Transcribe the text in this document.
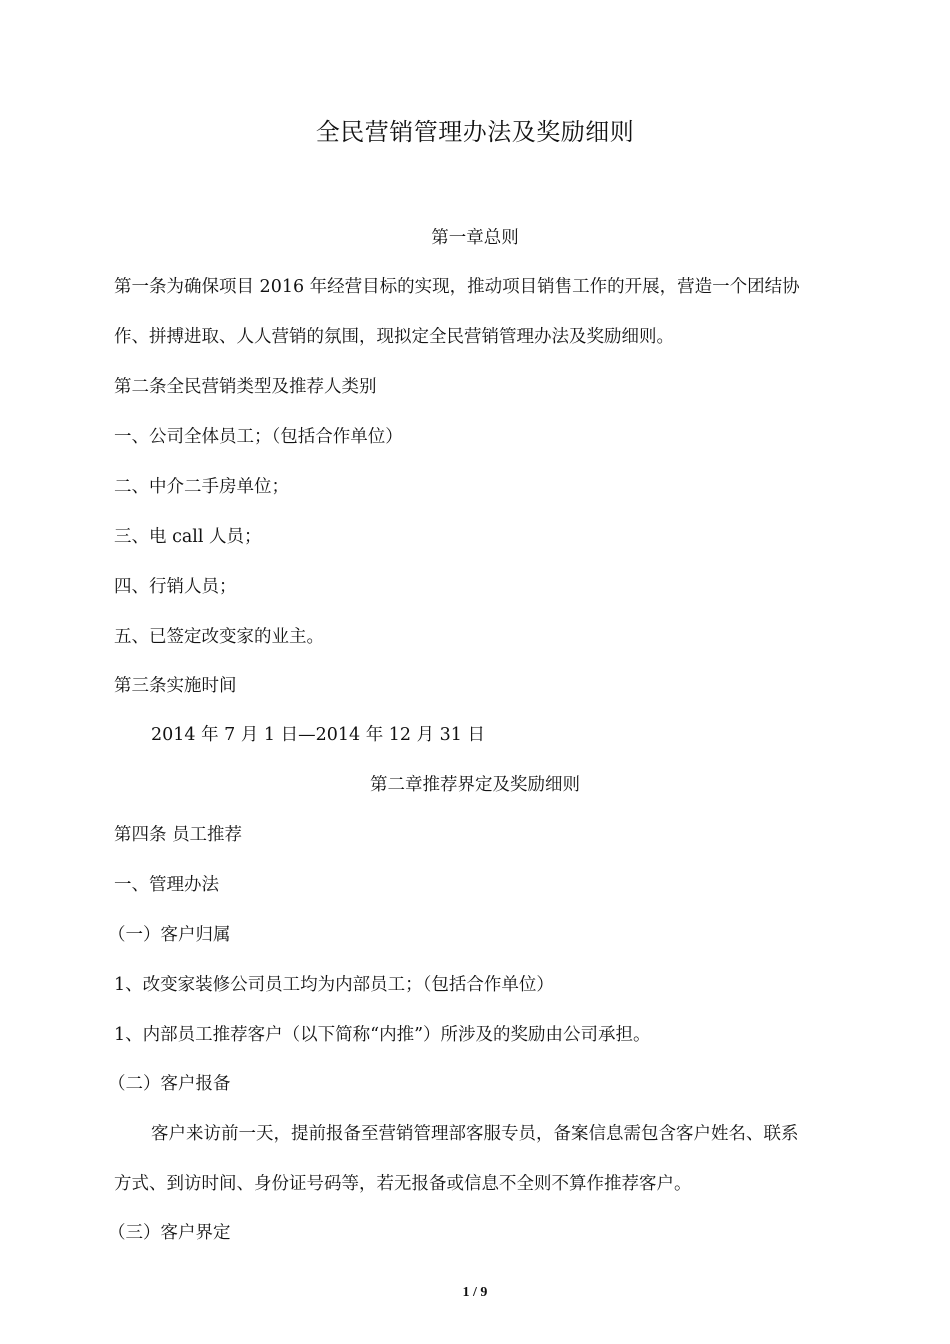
全民营销管理办法及奖励细则
第一章总则
第一条为确保项目 2016 年经营目标的实现，推动项目销售工作的开展，营造一个团结协
作、拼搏进取、人人营销的氛围，现拟定全民营销管理办法及奖励细则。
第二条全民营销类型及推荐人类别
一、公司全体员工；（包括合作单位）
二、中介二手房单位；
三、电 call 人员；
四、行销人员；
五、已签定改变家的业主。
第三条实施时间
2014 年 7 月 1 日—2014 年 12 月 31 日
第二章推荐界定及奖励细则
第四条 员工推荐
一、管理办法
（一）客户归属
1、改变家装修公司员工均为内部员工；（包括合作单位）
1、内部员工推荐客户（以下简称“内推”）所涉及的奖励由公司承担。
（二）客户报备
客户来访前一天，提前报备至营销管理部客服专员，备案信息需包含客户姓名、联系
方式、到访时间、身份证号码等，若无报备或信息不全则不算作推荐客户。
（三）客户界定
1 / 9
